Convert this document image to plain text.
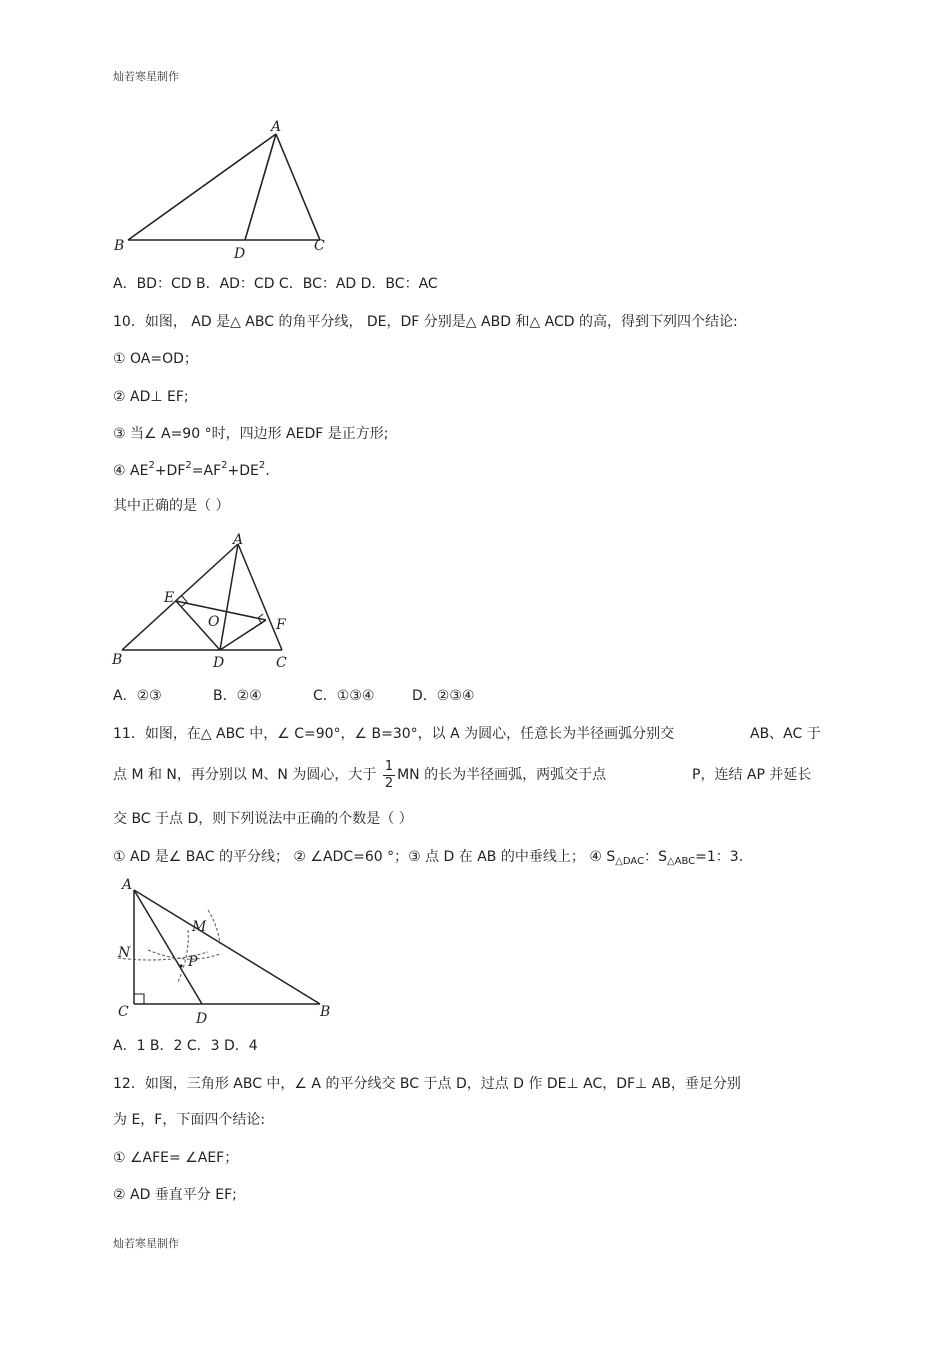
灿若寒星制作
A
B	C
D
A．BD：CD B．AD：CD C．BC：AD D．BC：AC
10．如图， AD 是△ ABC 的角平分线， DE，DF 分别是△ ABD 和△ ACD 的高，得到下列四个结论:
① OA=OD；
② AD⊥ EF;
③ 当∠ A=90 °时，四边形 AEDF 是正方形;
④ $AE^2+DF^2=AF^2+DE^2$.
其中正确的是（ ）
A
B	C
D
E
F
O
A．②③	B．②④	C．①③④	D．②③④
11．如图，在△ ABC 中，∠ C=90°，∠ B=30°，以 A 为圆心，任意长为半径画弧分别交	AB、AC 于
点 M 和 N，再分别以 M、N 为圆心，大于 $\frac{1}{2}$ MN 的长为半径画弧，两弧交于点	P，连结 AP 并延长
交 BC 于点 D，则下列说法中正确的个数是（ ）
① AD 是∠ BAC 的平分线； ② ∠ADC=60 °；③ 点 D 在 AB 的中垂线上； ④ $S_{\triangle DAC}$：$S_{\triangle ABC}=1$：3.
A
N
C	D	B
M
P
A．1 B．2 C．3 D．4
12．如图，三角形 ABC 中，∠ A 的平分线交 BC 于点 D，过点 D 作 DE⊥ AC，DF⊥ AB，垂足分别
为 E，F，下面四个结论:
① ∠AFE= ∠AEF；
② AD 垂直平分 EF;
灿若寒星制作
